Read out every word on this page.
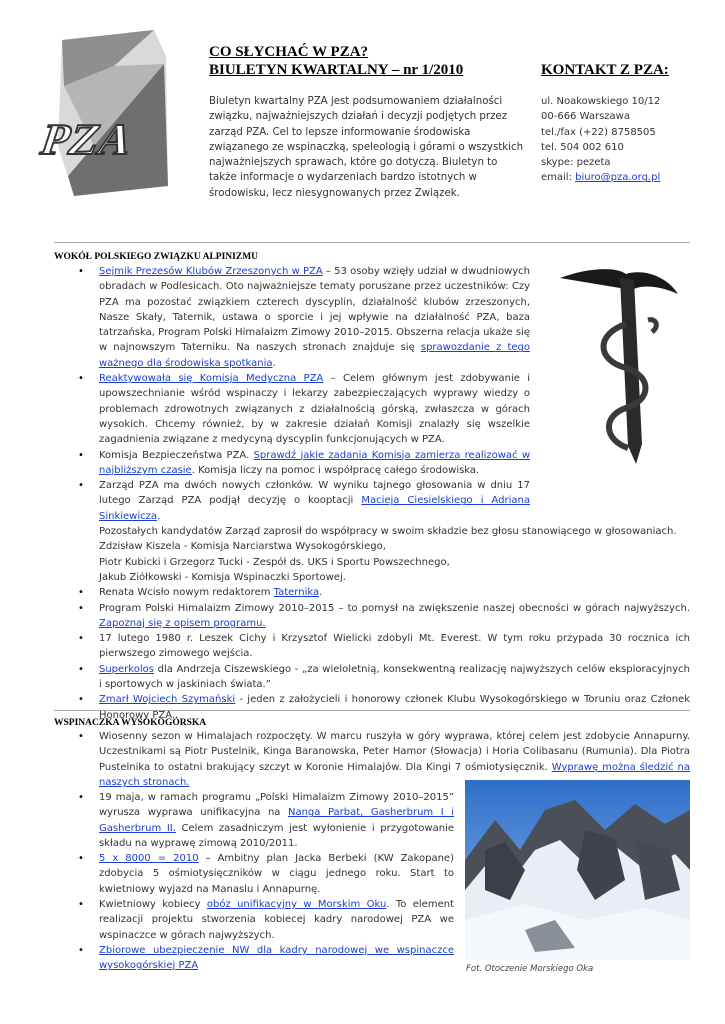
PZA
CO SŁYCHAĆ W PZA?
BIULETYN KWARTALNY – nr 1/2010
Biuletyn kwartalny PZA jest podsumowaniem działalności związku, najważniejszych działań i decyzji podjętych przez zarząd PZA. Cel to lepsze informowanie środowiska związanego ze wspinaczką, speleologią i górami o wszystkich najważniejszych sprawach, które go dotyczą. Biuletyn to także informacje o wydarzeniach bardzo istotnych w środowisku, lecz niesygnowanych przez Związek.
KONTAKT Z PZA:
ul. Noakowskiego 10/12
00-666 Warszawa
tel./fax (+22) 8758505
tel. 504 002 610
skype: pezeta
email: biuro@pza.org.pl
WOKÓŁ POLSKIEGO ZWIĄZKU ALPINIZMU
• Sejmik Prezesów Klubów Zrzeszonych w PZA – 53 osoby wzięły udział w dwudniowych obradach w Podlesicach. Oto najważniejsze tematy poruszane przez uczestników: Czy PZA ma pozostać związkiem czterech dyscyplin, działalność klubów zrzeszonych, Nasze Skały, Taternik, ustawa o sporcie i jej wpływie na działalność PZA, baza tatrzańska, Program Polski Himalaizm Zimowy 2010–2015. Obszerna relacja ukaże się w najnowszym Taterniku. Na naszych stronach znajduje się sprawozdanie z tego ważnego dla środowiska spotkania.
• Reaktywowała się Komisja Medyczna PZA – Celem głównym jest zdobywanie i upowszechnianie wśród wspinaczy i lekarzy zabezpieczających wyprawy wiedzy o problemach zdrowotnych związanych z działalnością górską, zwłaszcza w górach wysokich. Chcemy również, by w zakresie działań Komisji znalazły się wszelkie zagadnienia związane z medycyną dyscyplin funkcjonujących w PZA.
• Komisja Bezpieczeństwa PZA. Sprawdź jakie zadania Komisja zamierza realizować w najbliższym czasie. Komisja liczy na pomoc i współpracę całego środowiska.
• Zarząd PZA ma dwóch nowych członków. W wyniku tajnego głosowania w dniu 17 lutego Zarząd PZA podjął decyzję o kooptacji Macieja Ciesielskiego i Adriana Sinkiewicza.
Pozostałych kandydatów Zarząd zaprosił do współpracy w swoim składzie bez głosu stanowiącego w głosowaniach.
Zdzisław Kiszela - Komisja Narciarstwa Wysokogórskiego,
Piotr Kubicki i Grzegorz Tucki - Zespół ds. UKS i Sportu Powszechnego,
Jakub Ziółkowski - Komisja Wspinaczki Sportowej.
• Renata Wcisło nowym redaktorem Taternika.
• Program Polski Himalaizm Zimowy 2010–2015 – to pomysł na zwiększenie naszej obecności w górach najwyższych. Zapoznaj się z opisem programu.
• 17 lutego 1980 r. Leszek Cichy i Krzysztof Wielicki zdobyli Mt. Everest. W tym roku przypada 30 rocznica ich pierwszego zimowego wejścia.
• Superkolos dla Andrzeja Ciszewskiego - „za wieloletnią, konsekwentną realizację najwyższych celów eksploracyjnych i sportowych w jaskiniach świata.”
• Zmarł Wojciech Szymański - jeden z założycieli i honorowy członek Klubu Wysokogórskiego w Toruniu oraz Członek Honorowy PZA.
WSPINACZKA WYSOKOGÓRSKA
• Wiosenny sezon w Himalajach rozpoczęty. W marcu ruszyła w góry wyprawa, której celem jest zdobycie Annapurny. Uczestnikami są Piotr Pustelnik, Kinga Baranowska, Peter Hamor (Słowacja) i Horia Colibasanu (Rumunia). Dla Piotra Pustelnika to ostatni brakujący szczyt w Koronie Himalajów. Dla Kingi 7 ośmiotysięcznik. Wyprawę można śledzić na naszych stronach.
• 19 maja, w ramach programu „Polski Himalaizm Zimowy 2010–2015” wyrusza wyprawa unifikacyjna na Nanga Parbat, Gasherbrum I i Gasherbrum II. Celem zasadniczym jest wyłonienie i przygotowanie składu na wyprawę zimową 2010/2011.
• 5 x 8000 = 2010 – Ambitny plan Jacka Berbeki (KW Zakopane) zdobycia 5 ośmiotysięczników w ciągu jednego roku. Start to kwietniowy wyjazd na Manaslu i Annapurnę.
• Kwietniowy kobiecy obóz unifikacyjny w Morskim Oku. To element realizacji projektu stworzenia kobiecej kadry narodowej PZA we wspinaczce w górach najwyższych.
• Zbiorowe ubezpieczenie NW dla kadry narodowej we wspinaczce wysokogórskiej PZA	Fot. Otoczenie Morskiego Oka
